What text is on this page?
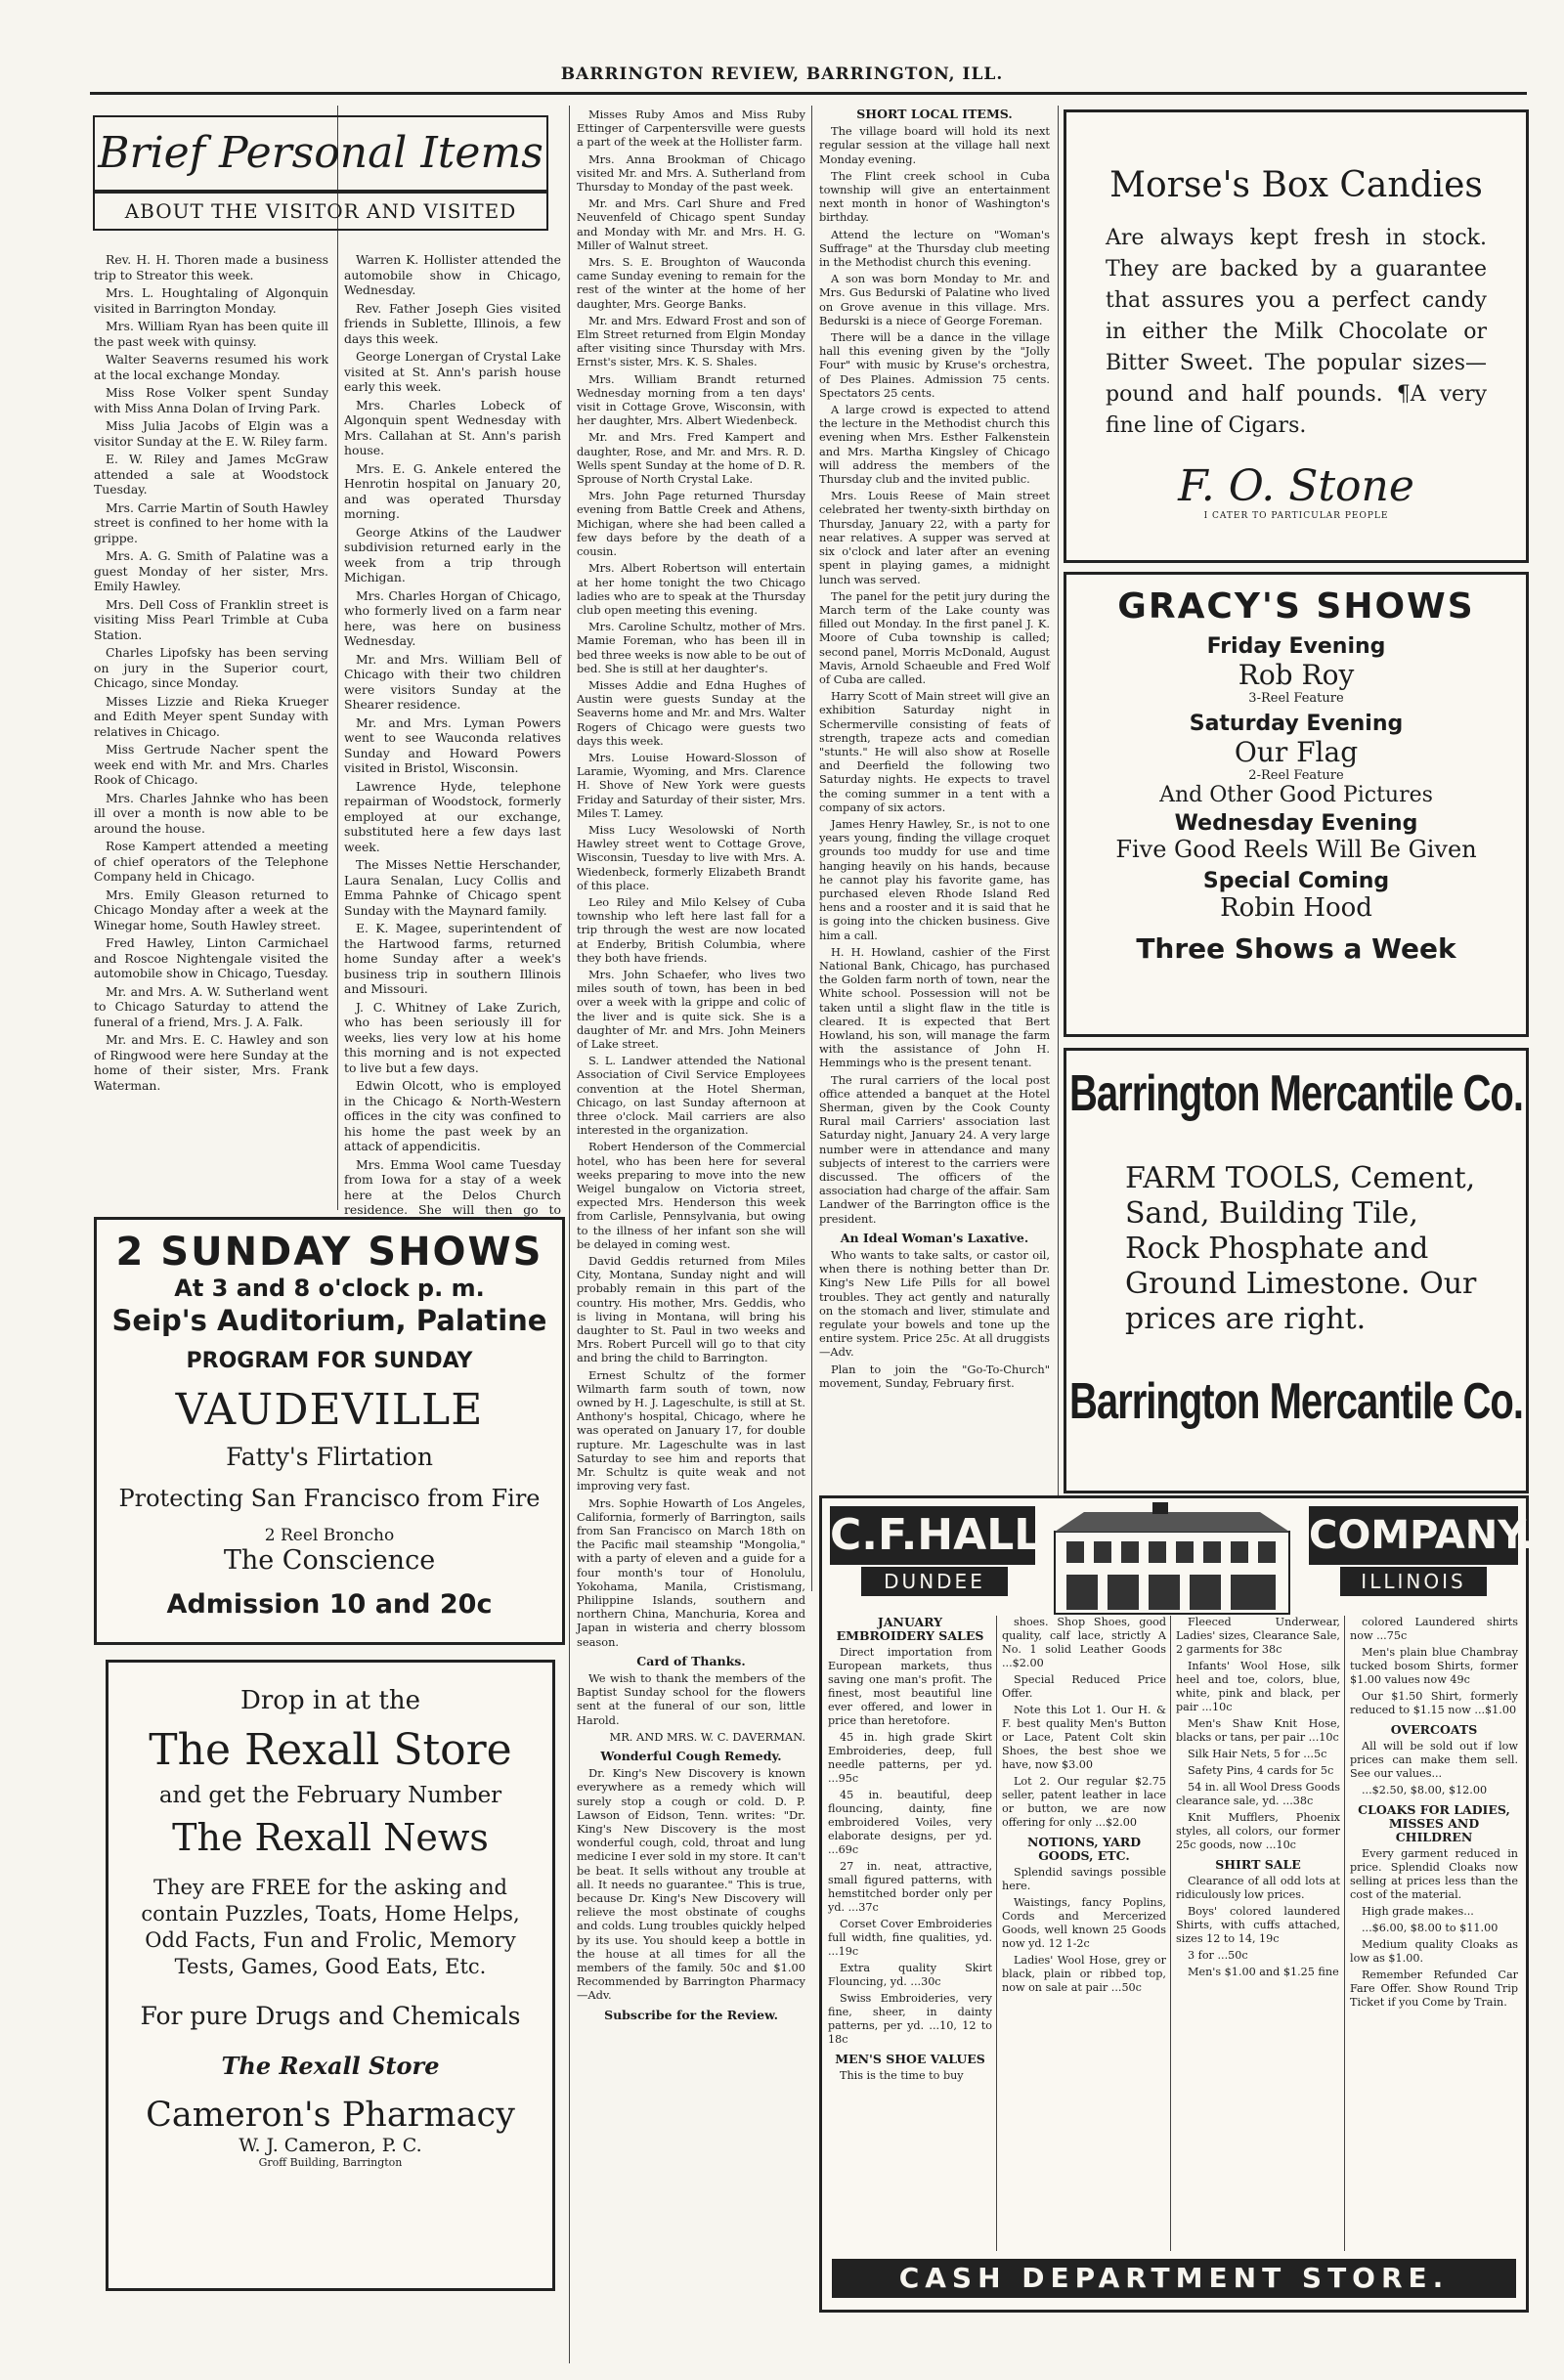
BARRINGTON REVIEW, BARRINGTON, ILL.
Brief Personal Items
ABOUT THE VISITOR AND VISITED

Rev. H. H. Thoren made a business trip to Streator this week.

Mrs. L. Houghtaling of Algonquin visited in Barrington Monday.

Mrs. William Ryan has been quite ill the past week with quinsy.

Walter Seaverns resumed his work at the local exchange Monday.

Miss Rose Volker spent Sunday with Miss Anna Dolan of Irving Park.

Miss Julia Jacobs of Elgin was a visitor Sunday at the E. W. Riley farm.

E. W. Riley and James McGraw attended a sale at Woodstock Tuesday.

Mrs. Carrie Martin of South Hawley street is confined to her home with la grippe.

Mrs. A. G. Smith of Palatine was a guest Monday of her sister, Mrs. Emily Hawley.

Mrs. Dell Coss of Franklin street is visiting Miss Pearl Trimble at Cuba Station.

Charles Lipofsky has been serving on jury in the Superior court, Chicago, since Monday.

Misses Lizzie and Rieka Krueger and Edith Meyer spent Sunday with relatives in Chicago.

Miss Gertrude Nacher spent the week end with Mr. and Mrs. Charles Rook of Chicago.

Mrs. Charles Jahnke who has been ill over a month is now able to be around the house.

Rose Kampert attended a meeting of chief operators of the Telephone Company held in Chicago.

Mrs. Emily Gleason returned to Chicago Monday after a week at the Winegar home, South Hawley street.

Fred Hawley, Linton Carmichael and Roscoe Nightengale visited the automobile show in Chicago, Tuesday.

Mr. and Mrs. A. W. Sutherland went to Chicago Saturday to attend the funeral of a friend, Mrs. J. A. Falk.

Mr. and Mrs. E. C. Hawley and son of Ringwood were here Sunday at the home of their sister, Mrs. Frank Waterman.

Warren K. Hollister attended the automobile show in Chicago, Wednesday.

Rev. Father Joseph Gies visited friends in Sublette, Illinois, a few days this week.

George Lonergan of Crystal Lake visited at St. Ann's parish house early this week.

Mrs. Charles Lobeck of Algonquin spent Wednesday with Mrs. Callahan at St. Ann's parish house.

Mrs. E. G. Ankele entered the Henrotin hospital on January 20, and was operated Thursday morning.

George Atkins of the Laudwer subdivision returned early in the week from a trip through Michigan.

Mrs. Charles Horgan of Chicago, who formerly lived on a farm near here, was here on business Wednesday.

Mr. and Mrs. William Bell of Chicago with their two children were visitors Sunday at the Shearer residence.

Mr. and Mrs. Lyman Powers went to see Wauconda relatives Sunday and Howard Powers visited in Bristol, Wisconsin.

Lawrence Hyde, telephone repairman of Woodstock, formerly employed at our exchange, substituted here a few days last week.

The Misses Nettie Herschander, Laura Senalan, Lucy Collis and Emma Pahnke of Chicago spent Sunday with the Maynard family.

E. K. Magee, superintendent of the Hartwood farms, returned home Sunday after a week's business trip in southern Illinois and Missouri.

J. C. Whitney of Lake Zurich, who has been seriously ill for weeks, lies very low at his home this morning and is not expected to live but a few days.

Edwin Olcott, who is employed in the Chicago & North-Western offices in the city was confined to his home the past week by an attack of appendicitis.

Mrs. Emma Wool came Tuesday from Iowa for a stay of a week here at the Delos Church residence. She will then go to

Misses Ruby Amos and Miss Ruby Ettinger of Carpentersville were guests a part of the week at the Hollister farm.

Mrs. Anna Brookman of Chicago visited Mr. and Mrs. A. Sutherland from Thursday to Monday of the past week.

Mr. and Mrs. Carl Shure and Fred Neuvenfeld of Chicago spent Sunday and Monday with Mr. and Mrs. H. G. Miller of Walnut street.

Mrs. S. E. Broughton of Wauconda came Sunday evening to remain for the rest of the winter at the home of her daughter, Mrs. George Banks.

Mr. and Mrs. Edward Frost and son of Elm Street returned from Elgin Monday after visiting since Thursday with Mrs. Ernst's sister, Mrs. K. S. Shales.

Mrs. William Brandt returned Wednesday morning from a ten days' visit in Cottage Grove, Wisconsin, with her daughter, Mrs. Albert Wiedenbeck.

Mr. and Mrs. Fred Kampert and daughter, Rose, and Mr. and Mrs. R. D. Wells spent Sunday at the home of D. R. Sprouse of North Crystal Lake.

Mrs. John Page returned Thursday evening from Battle Creek and Athens, Michigan, where she had been called a few days before by the death of a cousin.

Mrs. Albert Robertson will entertain at her home tonight the two Chicago ladies who are to speak at the Thursday club open meeting this evening.

Mrs. Caroline Schultz, mother of Mrs. Mamie Foreman, who has been ill in bed three weeks is now able to be out of bed. She is still at her daughter's.

Misses Addie and Edna Hughes of Austin were guests Sunday at the Seaverns home and Mr. and Mrs. Walter Rogers of Chicago were guests two days this week.

Mrs. Louise Howard-Slosson of Laramie, Wyoming, and Mrs. Clarence H. Shove of New York were guests Friday and Saturday of their sister, Mrs. Miles T. Lamey.

Miss Lucy Wesolowski of North Hawley street went to Cottage Grove, Wisconsin, Tuesday to live with Mrs. A. Wiedenbeck, formerly Elizabeth Brandt of this place.

Leo Riley and Milo Kelsey of Cuba township who left here last fall for a trip through the west are now located at Enderby, British Columbia, where they both have friends.

Mrs. John Schaefer, who lives two miles south of town, has been in bed over a week with la grippe and colic of the liver and is quite sick. She is a daughter of Mr. and Mrs. John Meiners of Lake street.

S. L. Landwer attended the National Association of Civil Service Employees convention at the Hotel Sherman, Chicago, on last Sunday afternoon at three o'clock. Mail carriers are also interested in the organization.

Robert Henderson of the Commercial hotel, who has been here for several weeks preparing to move into the new Weigel bungalow on Victoria street, expected Mrs. Henderson this week from Carlisle, Pennsylvania, but owing to the illness of her infant son she will be delayed in coming west.

David Geddis returned from Miles City, Montana, Sunday night and will probably remain in this part of the country. His mother, Mrs. Geddis, who is living in Montana, will bring his daughter to St. Paul in two weeks and Mrs. Robert Purcell will go to that city and bring the child to Barrington.

Ernest Schultz of the former Wilmarth farm south of town, now owned by H. J. Lageschulte, is still at St. Anthony's hospital, Chicago, where he was operated on January 17, for double rupture. Mr. Lageschulte was in last Saturday to see him and reports that Mr. Schultz is quite weak and not improving very fast.

Mrs. Sophie Howarth of Los Angeles, California, formerly of Barrington, sails from San Francisco on March 18th on the Pacific mail steamship "Mongolia," with a party of eleven and a guide for a four month's tour of Honolulu, Yokohama, Manila, Cristismang, Philippine Islands, southern and northern China, Manchuria, Korea and Japan in wisteria and cherry blossom season.

Card of Thanks.

We wish to thank the members of the Baptist Sunday school for the flowers sent at the funeral of our son, little Harold.

MR. AND MRS. W. C. DAVERMAN.

Wonderful Cough Remedy.

Dr. King's New Discovery is known everywhere as a remedy which will surely stop a cough or cold. D. P. Lawson of Eidson, Tenn. writes: "Dr. King's New Discovery is the most wonderful cough, cold, throat and lung medicine I ever sold in my store. It can't be beat. It sells without any trouble at all. It needs no guarantee." This is true, because Dr. King's New Discovery will relieve the most obstinate of coughs and colds. Lung troubles quickly helped by its use. You should keep a bottle in the house at all times for all the members of the family. 50c and $1.00 Recommended by Barrington Pharmacy—Adv.

Subscribe for the Review.
SHORT LOCAL ITEMS.

The village board will hold its next regular session at the village hall next Monday evening.

The Flint creek school in Cuba township will give an entertainment next month in honor of Washington's birthday.

Attend the lecture on "Woman's Suffrage" at the Thursday club meeting in the Methodist church this evening.

A son was born Monday to Mr. and Mrs. Gus Bedurski of Palatine who lived on Grove avenue in this village. Mrs. Bedurski is a niece of George Foreman.

There will be a dance in the village hall this evening given by the "Jolly Four" with music by Kruse's orchestra, of Des Plaines. Admission 75 cents. Spectators 25 cents.

A large crowd is expected to attend the lecture in the Methodist church this evening when Mrs. Esther Falkenstein and Mrs. Martha Kingsley of Chicago will address the members of the Thursday club and the invited public.

Mrs. Louis Reese of Main street celebrated her twenty-sixth birthday on Thursday, January 22, with a party for near relatives. A supper was served at six o'clock and later after an evening spent in playing games, a midnight lunch was served.

The panel for the petit jury during the March term of the Lake county was filled out Monday. In the first panel J. K. Moore of Cuba township is called; second panel, Morris McDonald, August Mavis, Arnold Schaeuble and Fred Wolf of Cuba are called.

Harry Scott of Main street will give an exhibition Saturday night in Schermerville consisting of feats of strength, trapeze acts and comedian "stunts." He will also show at Roselle and Deerfield the following two Saturday nights. He expects to travel the coming summer in a tent with a company of six actors.

James Henry Hawley, Sr., is not to one years young, finding the village croquet grounds too muddy for use and time hanging heavily on his hands, because he cannot play his favorite game, has purchased eleven Rhode Island Red hens and a rooster and it is said that he is going into the chicken business. Give him a call.

H. H. Howland, cashier of the First National Bank, Chicago, has purchased the Golden farm north of town, near the White school. Possession will not be taken until a slight flaw in the title is cleared. It is expected that Bert Howland, his son, will manage the farm with the assistance of John H. Hemmings who is the present tenant.

The rural carriers of the local post office attended a banquet at the Hotel Sherman, given by the Cook County Rural mail Carriers' association last Saturday night, January 24. A very large number were in attendance and many subjects of interest to the carriers were discussed. The officers of the association had charge of the affair. Sam Landwer of the Barrington office is the president.

An Ideal Woman's Laxative.

Who wants to take salts, or castor oil, when there is nothing better than Dr. King's New Life Pills for all bowel troubles. They act gently and naturally on the stomach and liver, stimulate and regulate your bowels and tone up the entire system. Price 25c. At all druggists—Adv.

Plan to join the "Go-To-Church" movement, Sunday, February first.

2 SUNDAY SHOWS
At 3 and 8 o'clock p. m.
Seip's Auditorium, Palatine
PROGRAM FOR SUNDAY
VAUDEVILLE
Fatty's Flirtation
Protecting San Francisco from Fire
2 Reel Broncho
The Conscience
Admission 10 and 20c
Drop in at the
The Rexall Store
and get the February Number
The Rexall News
They are FREE for the asking and contain Puzzles, Toats, Home Helps, Odd Facts, Fun and Frolic, Memory Tests, Games, Good Eats, Etc.
For pure Drugs and Chemicals
The Rexall Store
Cameron's Pharmacy
W. J. Cameron, P. C.
Groff Building, Barrington
Morse's Box Candies
Are always kept fresh in stock. They are backed by a guarantee that assures you a perfect candy in either the Milk Chocolate or Bitter Sweet. The popular sizes—pound and half pounds. ¶A very fine line of Cigars.
F. O. Stone
I CATER TO PARTICULAR PEOPLE
GRACY'S SHOWS
Friday Evening
Rob Roy
3-Reel Feature
Saturday Evening
Our Flag
2-Reel Feature
And Other Good Pictures
Wednesday Evening
Five Good Reels Will Be Given
Special Coming
Robin Hood
Three Shows a Week
Barrington Mercantile Co.
FARM TOOLS, Cement, Sand, Building Tile, Rock Phosphate and Ground Limestone. Our prices are right.
Barrington Mercantile Co.
C.F.HALL
DUNDEE
COMPANY.
ILLINOIS
JANUARY EMBROIDERY SALES

Direct importation from European markets, thus saving one man's profit. The finest, most beautiful line ever offered, and lower in price than heretofore.

45 in. high grade Skirt Embroideries, deep, full needle patterns, per yd. ...95c

45 in. beautiful, deep flouncing, dainty, fine embroidered Voiles, very elaborate designs, per yd. ...69c

27 in. neat, attractive, small figured patterns, with hemstitched border only per yd. ...37c

Corset Cover Embroideries full width, fine qualities, yd. ...19c

Extra quality Skirt Flouncing, yd. ...30c

Swiss Embroideries, very fine, sheer, in dainty patterns, per yd. ...10, 12 to 18c

MEN'S SHOE VALUES

This is the time to buy

shoes. Shop Shoes, good quality, calf lace, strictly A No. 1 solid Leather Goods ...$2.00

Special Reduced Price Offer.

Note this Lot 1. Our H. & F. best quality Men's Button or Lace, Patent Colt skin Shoes, the best shoe we have, now $3.00

Lot 2. Our regular $2.75 seller, patent leather in lace or button, we are now offering for only ...$2.00

NOTIONS, YARD GOODS, ETC.

Splendid savings possible here.

Waistings, fancy Poplins, Cords and Mercerized Goods, well known 25 Goods now yd. 12 1-2c

Ladies' Wool Hose, grey or black, plain or ribbed top, now on sale at pair ...50c

Fleeced Underwear, Ladies' sizes, Clearance Sale, 2 garments for 38c

Infants' Wool Hose, silk heel and toe, colors, blue, white, pink and black, per pair ...10c

Men's Shaw Knit Hose, blacks or tans, per pair ...10c

Silk Hair Nets, 5 for ...5c

Safety Pins, 4 cards for 5c

54 in. all Wool Dress Goods clearance sale, yd. ...38c

Knit Mufflers, Phoenix styles, all colors, our former 25c goods, now ...10c

SHIRT SALE

Clearance of all odd lots at ridiculously low prices.

Boys' colored laundered Shirts, with cuffs attached, sizes 12 to 14, 19c

3 for ...50c

Men's $1.00 and $1.25 fine

colored Laundered shirts now ...75c

Men's plain blue Chambray tucked bosom Shirts, former $1.00 values now 49c

Our $1.50 Shirt, formerly reduced to $1.15 now ...$1.00

OVERCOATS

All will be sold out if low prices can make them sell. See our values...

...$2.50, $8.00, $12.00

CLOAKS FOR LADIES, MISSES AND CHILDREN

Every garment reduced in price. Splendid Cloaks now selling at prices less than the cost of the material.

High grade makes...

...$6.00, $8.00 to $11.00

Medium quality Cloaks as low as $1.00.

Remember Refunded Car Fare Offer. Show Round Trip Ticket if you Come by Train.

CASH DEPARTMENT STORE.
